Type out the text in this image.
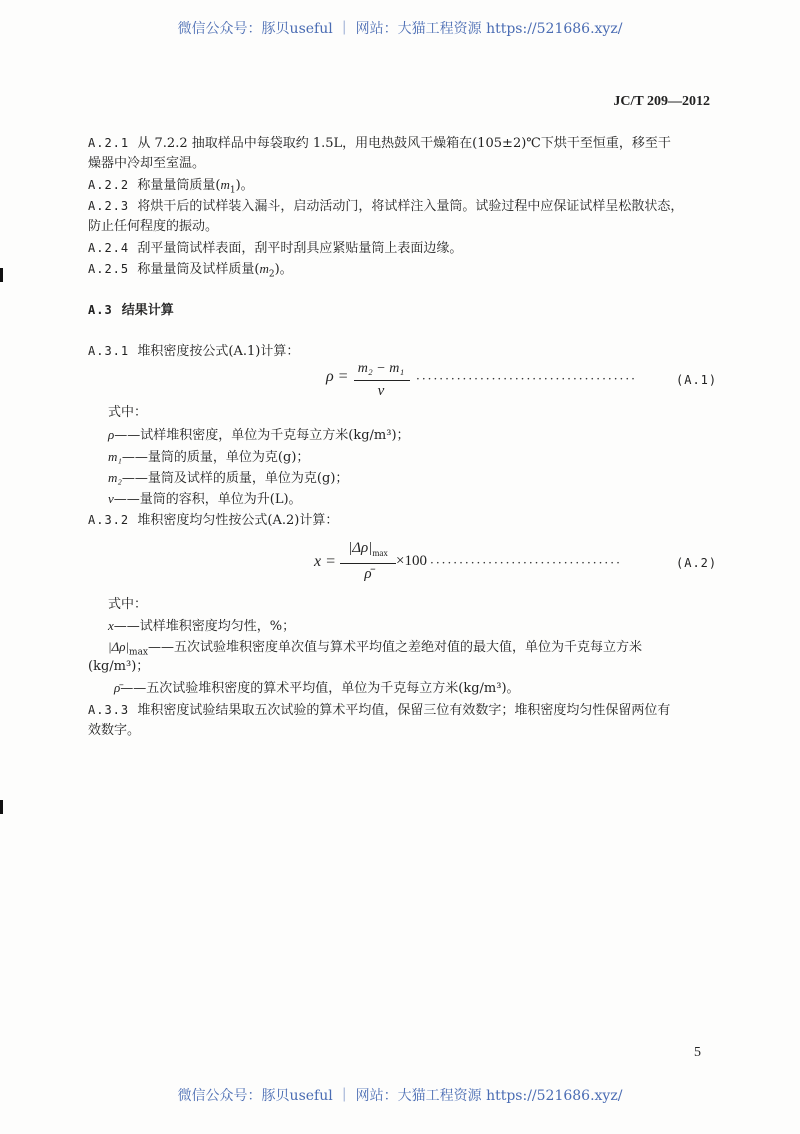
微信公众号：豚贝useful ｜ 网站：大猫工程资源 https://521686.xyz/
JC/T 209—2012
A.2.1 从 7.2.2 抽取样品中每袋取约 1.5L，用电热鼓风干燥箱在(105±2)℃下烘干至恒重，移至干
燥器中冷却至室温。
A.2.2 称量量筒质量$(m_1)$。
A.2.3 将烘干后的试样装入漏斗，启动活动门，将试样注入量筒。试验过程中应保证试样呈松散状态，
防止任何程度的振动。
A.2.4 刮平量筒试样表面，刮平时刮具应紧贴量筒上表面边缘。
A.2.5 称量量筒及试样质量$(m_2)$。
A.3 结果计算
A.3.1 堆积密度按公式(A.1)计算：
ρ = m₂ − m₁
v
······································	(A.1)
式中：
ρ——试样堆积密度，单位为千克每立方米(kg/m³)；
m₁——量筒的质量，单位为克(g)；
m₂——量筒及试样的质量，单位为克(g)；
v——量筒的容积，单位为升(L)。
A.3.2 堆积密度均匀性按公式(A.2)计算：
x =
$|\Delta\rho|_{max}$
ρ̄
×100 ·································	(A.2)
式中：
x——试样堆积密度均匀性，%；
$|\Delta\rho|_{max}——$五次试验堆积密度单次值与算术平均值之差绝对值的最大值，单位为千克每立方米
(kg/m³)；
ρ̄——五次试验堆积密度的算术平均值，单位为千克每立方米(kg/m³)。
A.3.3 堆积密度试验结果取五次试验的算术平均值，保留三位有效数字；堆积密度均匀性保留两位有
效数字。
5
微信公众号：豚贝useful ｜ 网站：大猫工程资源 https://521686.xyz/
